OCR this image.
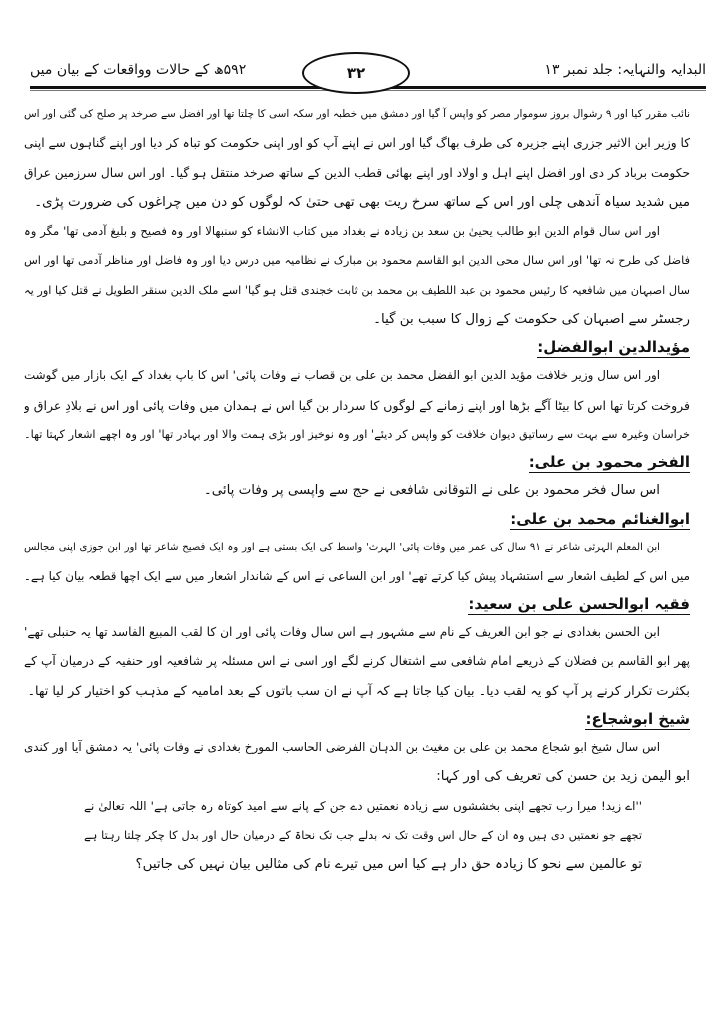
۵۹۲ھ کے حالات وواقعات کے بیان میں	۳۲	البدایہ والنہایہ: جلد نمبر ۱۳
نائب مقرر کیا اور ۹ رشوال بروز سوموار مصر کو واپس آ گیا اور دمشق میں خطبہ اور سکہ اسی کا چلتا تھا اور افضل سے صرخد پر صلح کی گئی اور اس
کا وزیر ابن الاثیر جزری اپنے جزیرہ کی طرف بھاگ گیا اور اس نے اپنے آپ کو اور اپنی حکومت کو تباہ کر دیا اور اپنے گناہوں سے اپنی
حکومت برباد کر دی اور افضل اپنے اہل و اولاد اور اپنے بھائی قطب الدین کے ساتھ صرخد منتقل ہو گیا۔ اور اس سال سرزمین عراق
میں شدید سیاہ آندھی چلی اور اس کے ساتھ سرخ ریت بھی تھی حتیٰ کہ لوگوں کو دن میں چراغوں کی ضرورت پڑی۔
اور اس سال قوام الدین ابو طالب یحییٰ بن سعد بن زیادہ نے بغداد میں کتاب الانشاء کو سنبھالا اور وہ فصیح و بلیغ آدمی تھا' مگر وہ
فاضل کی طرح نہ تھا' اور اس سال محی الدین ابو القاسم محمود بن مبارک نے نظامیہ میں درس دیا اور وہ فاضل اور مناظر آدمی تھا اور اس
سال اصبہان میں شافعیہ کا رئیس محمود بن عبد اللطیف بن محمد بن ثابت خجندی قتل ہو گیا' اسے ملک الدین سنقر الطویل نے قتل کیا اور یہ
رجسٹر سے اصبہان کی حکومت کے زوال کا سبب بن گیا۔
مؤیدالدین ابوالفضل:
اور اس سال وزیر خلافت مؤید الدین ابو الفضل محمد بن علی بن قصاب نے وفات پائی' اس کا باپ بغداد کے ایک بازار میں گوشت
فروخت کرتا تھا اس کا بیٹا آگے بڑھا اور اپنے زمانے کے لوگوں کا سردار بن گیا اس نے ہمدان میں وفات پائی اور اس نے بلادِ عراق و
خراسان وغیرہ سے بہت سے رساتیق دیوان خلافت کو واپس کر دیئے' اور وہ نوخیز اور بڑی ہمت والا اور بہادر تھا' اور وہ اچھے اشعار کہتا تھا۔
الفخر محمود بن علی:
اس سال فخر محمود بن علی نے التوقانی شافعی نے حج سے واپسی پر وفات پائی۔
ابوالغنائم محمد بن علی:
ابن المعلم الہرثی شاعر نے ۹۱ سال کی عمر میں وفات پائی' الہرث' واسط کی ایک بستی ہے اور وہ ایک فصیح شاعر تھا اور ابن جوزی اپنی مجالس
میں اس کے لطیف اشعار سے استشہاد پیش کیا کرتے تھے' اور ابن الساعی نے اس کے شاندار اشعار میں سے ایک اچھا قطعہ بیان کیا ہے۔
فقیہ ابوالحسن علی بن سعید:
ابن الحسن بغدادی نے جو ابن العریف کے نام سے مشہور ہے اس سال وفات پائی اور ان کا لقب المبیع الفاسد تھا یہ حنبلی تھے'
پھر ابو القاسم بن فضلان کے ذریعے امام شافعی سے اشتغال کرنے لگے اور اسی نے اس مسئلہ پر شافعیہ اور حنفیہ کے درمیان آپ کے
بکثرت تکرار کرنے پر آپ کو یہ لقب دیا۔ بیان کیا جاتا ہے کہ آپ نے ان سب باتوں کے بعد امامیہ کے مذہب کو اختیار کر لیا تھا۔
شیخ ابوشجاع:
اس سال شیخ ابو شجاع محمد بن علی بن مغیث بن الدہان الفرضی الحاسب المورخ بغدادی نے وفات پائی' یہ دمشق آیا اور کندی
ابو الیمن زید بن حسن کی تعریف کی اور کہا:
''اے زید! میرا رب تجھے اپنی بخششوں سے زیادہ نعمتیں دے جن کے پانے سے امید کوتاہ رہ جاتی ہے' اللہ تعالیٰ نے
تجھے جو نعمتیں دی ہیں وہ ان کے حال اس وقت تک نہ بدلے جب تک نحاۃ کے درمیان حال اور بدل کا چکر چلتا رہتا ہے
تو عالمین سے نحو کا زیادہ حق دار ہے کیا اس میں تیرے نام کی مثالیں بیان نہیں کی جاتیں؟
